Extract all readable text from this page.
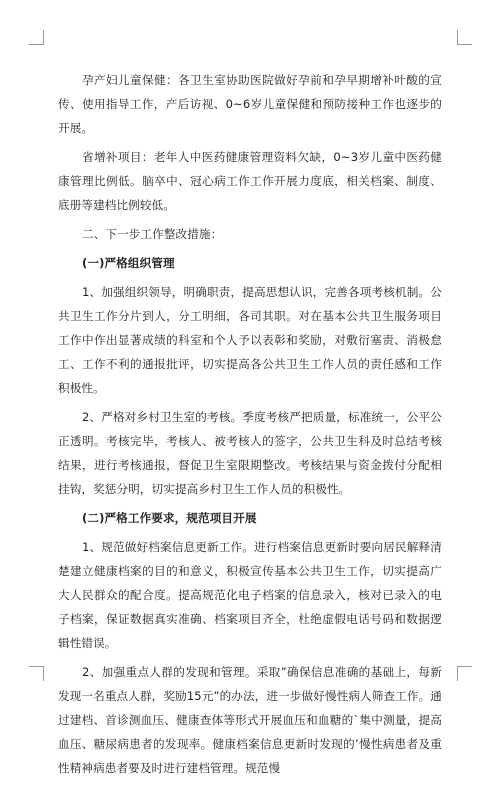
孕产妇儿童保健：各卫生室协助医院做好孕前和孕早期增补叶酸的宣传、使用指导工作，产后访视、0~6岁儿童保健和预防接种工作也逐步的开展。

省增补项目：老年人中医药健康管理资料欠缺，0~3岁儿童中医药健康管理比例低。脑卒中、冠心病工作工作开展力度底，相关档案、制度、底册等建档比例较低。

二、下一步工作整改措施：

(一)严格组织管理

1、加强组织领导，明确职责，提高思想认识，完善各项考核机制。公共卫生工作分片到人，分工明细，各司其职。对在基本公共卫生服务项目工作中作出显著成绩的科室和个人予以表彰和奖励，对敷衍塞责、消极怠工、工作不利的通报批评，切实提高各公共卫生工作人员的责任感和工作积极性。

2、严格对乡村卫生室的考核。季度考核严把质量，标准统一，公平公正透明。考核完毕，考核人、被考核人的签字，公共卫生科及时总结考核结果，进行考核通报，督促卫生室限期整改。考核结果与资金拨付分配相挂钩，奖惩分明，切实提高乡村卫生工作人员的积极性。

(二)严格工作要求，规范项目开展

1、规范做好档案信息更新工作。进行档案信息更新时要向居民解释清楚建立健康档案的目的和意义，积极宣传基本公共卫生工作，切实提高广大人民群众的配合度。提高规范化电子档案的信息录入，核对已录入的电子档案，保证数据真实准确、档案项目齐全，杜绝虚假电话号码和数据逻辑性错误。

2、加强重点人群的发现和管理。采取”确保信息准确的基础上，每新发现一名重点人群，奖励15元”的办法，进一步做好慢性病人筛查工作。通过建档、首诊测血压、健康查体等形式开展血压和血糖的`集中测量，提高血压、糖尿病患者的发现率。健康档案信息更新时发现的’慢性病患者及重性精神病患者要及时进行建档管理。规范慢
